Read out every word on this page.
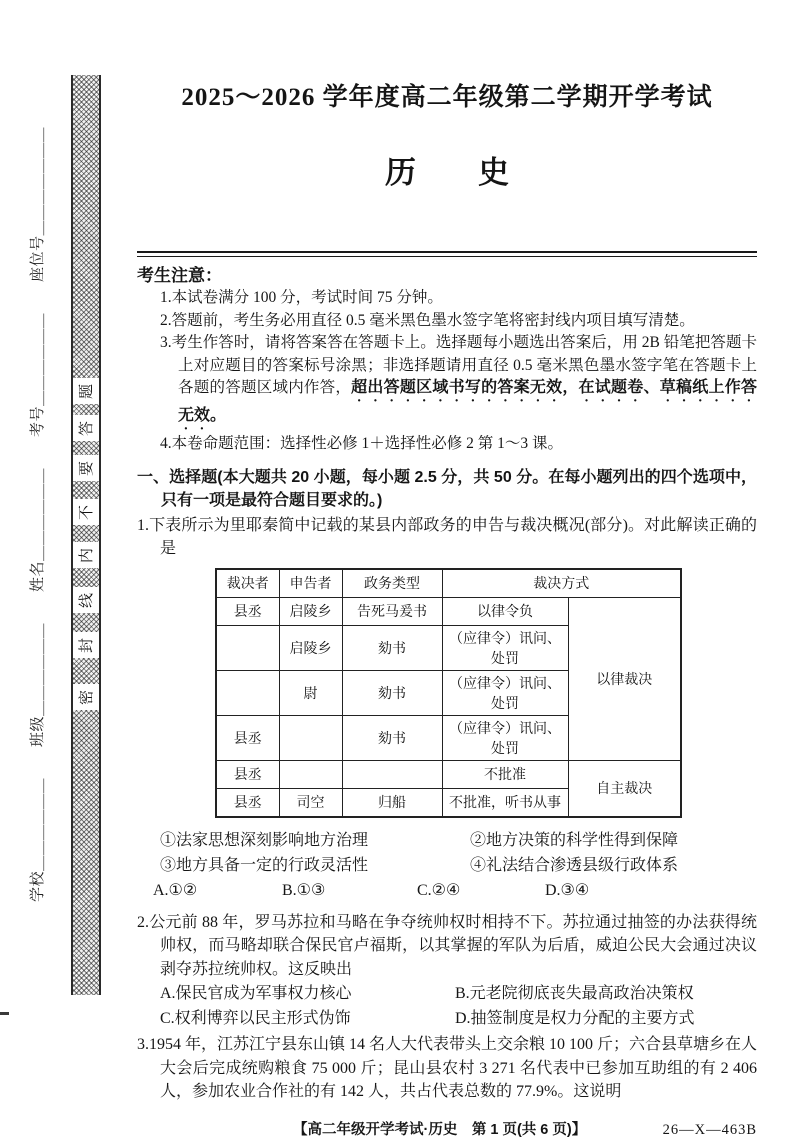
题
答
要
不
内
线
封
密
学校＿＿＿＿＿＿　　班级＿＿＿＿＿＿　　姓名＿＿＿＿＿＿　　考号＿＿＿＿＿＿　　座位号＿＿＿＿＿＿＿
2025～2026 学年度高二年级第二学期开学考试
历　　史
考生注意：
1.本试卷满分 100 分，考试时间 75 分钟。
2.答题前，考生务必用直径 0.5 毫米黑色墨水签字笔将密封线内项目填写清楚。
3.考生作答时，请将答案答在答题卡上。选择题每小题选出答案后，用 2B 铅笔把答题卡上对应题目的答案标号涂黑；非选择题请用直径 0.5 毫米黑色墨水签字笔在答题卡上各题的答题区域内作答，超出答题区域书写的答案无效，在试题卷、草稿纸上作答无效。
4.本卷命题范围：选择性必修 1＋选择性必修 2 第 1～3 课。
一、选择题(本大题共 20 小题，每小题 2.5 分，共 50 分。在每小题列出的四个选项中，只有一项是最符合题目要求的。)
1.下表所示为里耶秦简中记载的某县内部政务的申告与裁决概况(部分)。对此解读正确的是
裁决者	申告者	政务类型	裁决方式	
县丞	启陵乡	告死马爰书	以律令负	以律裁决
	启陵乡	劾书	（应律令）讯问、处罚	
	尉	劾书	（应律令）讯问、处罚	
县丞		劾书	（应律令）讯问、处罚	
县丞			不批准	自主裁决
县丞	司空	归船	不批准，听书从事	
①法家思想深刻影响地方治理	②地方决策的科学性得到保障
③地方具备一定的行政灵活性	④礼法结合渗透县级行政体系
A.①②	B.①③	C.②④	D.③④
2.公元前 88 年，罗马苏拉和马略在争夺统帅权时相持不下。苏拉通过抽签的办法获得统帅权，而马略却联合保民官卢福斯，以其掌握的军队为后盾，威迫公民大会通过决议剥夺苏拉统帅权。这反映出
A.保民官成为军事权力核心	B.元老院彻底丧失最高政治决策权
C.权利博弈以民主形式伪饰	D.抽签制度是权力分配的主要方式
3.1954 年，江苏江宁县东山镇 14 名人大代表带头上交余粮 10 100 斤；六合县草塘乡在人大会后完成统购粮食 75 000 斤；昆山县农村 3 271 名代表中已参加互助组的有 2 406 人，参加农业合作社的有 142 人，共占代表总数的 77.9%。这说明
【高二年级开学考试·历史　第 1 页(共 6 页)】	26—X—463B
